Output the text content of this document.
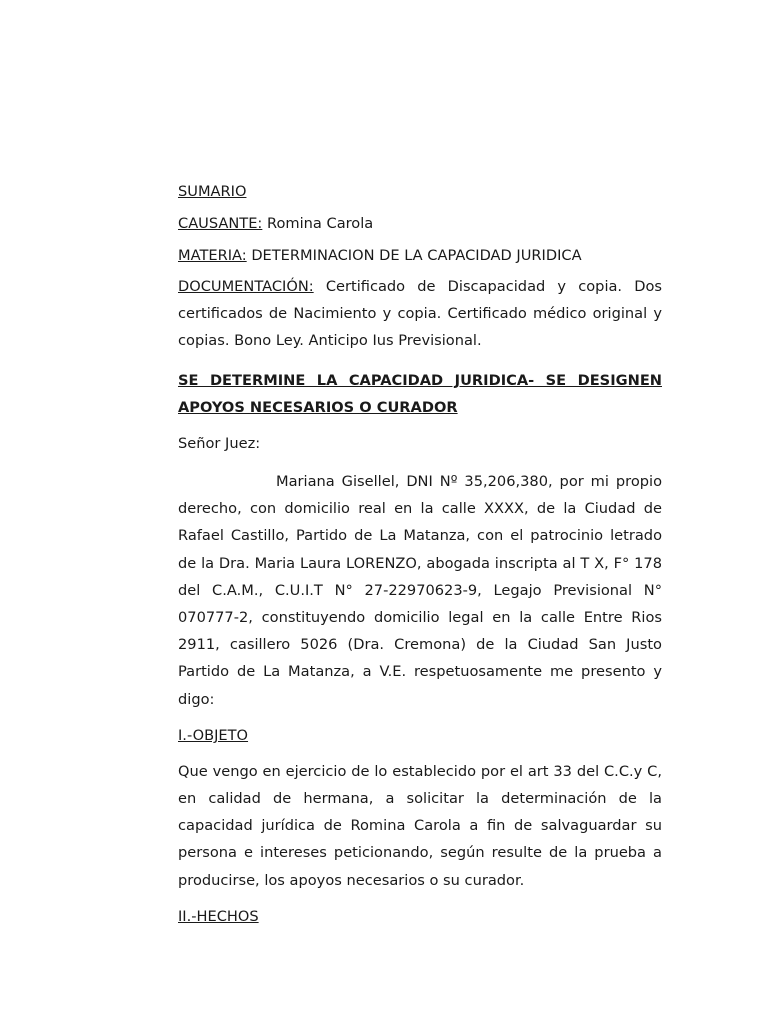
SUMARIO
CAUSANTE: Romina Carola
MATERIA: DETERMINACION DE LA CAPACIDAD JURIDICA
DOCUMENTACIÓN: Certificado de Discapacidad y copia. Dos certificados de Nacimiento y copia. Certificado médico original y copias. Bono Ley. Anticipo Ius Previsional.
SE DETERMINE LA CAPACIDAD JURIDICA- SE DESIGNEN APOYOS NECESARIOS O CURADOR
Señor Juez:
Mariana Gisellel, DNI Nº 35,206,380, por mi propio derecho, con domicilio real en la calle XXXX, de la Ciudad de Rafael Castillo, Partido de La Matanza, con el patrocinio letrado de la Dra. Maria Laura LORENZO, abogada inscripta al T X, F° 178 del C.A.M., C.U.I.T N° 27-22970623-9, Legajo Previsional N° 070777-2, constituyendo domicilio legal en la calle Entre Rios 2911, casillero 5026 (Dra. Cremona) de la Ciudad San Justo Partido de La Matanza, a V.E. respetuosamente me presento y digo:
I.-OBJETO
Que vengo en ejercicio de lo establecido por el art 33 del C.C.y C, en calidad de hermana, a solicitar la determinación de la capacidad jurídica de Romina Carola a fin de salvaguardar su persona e intereses peticionando, según resulte de la prueba a producirse, los apoyos necesarios o su curador.
II.-HECHOS
